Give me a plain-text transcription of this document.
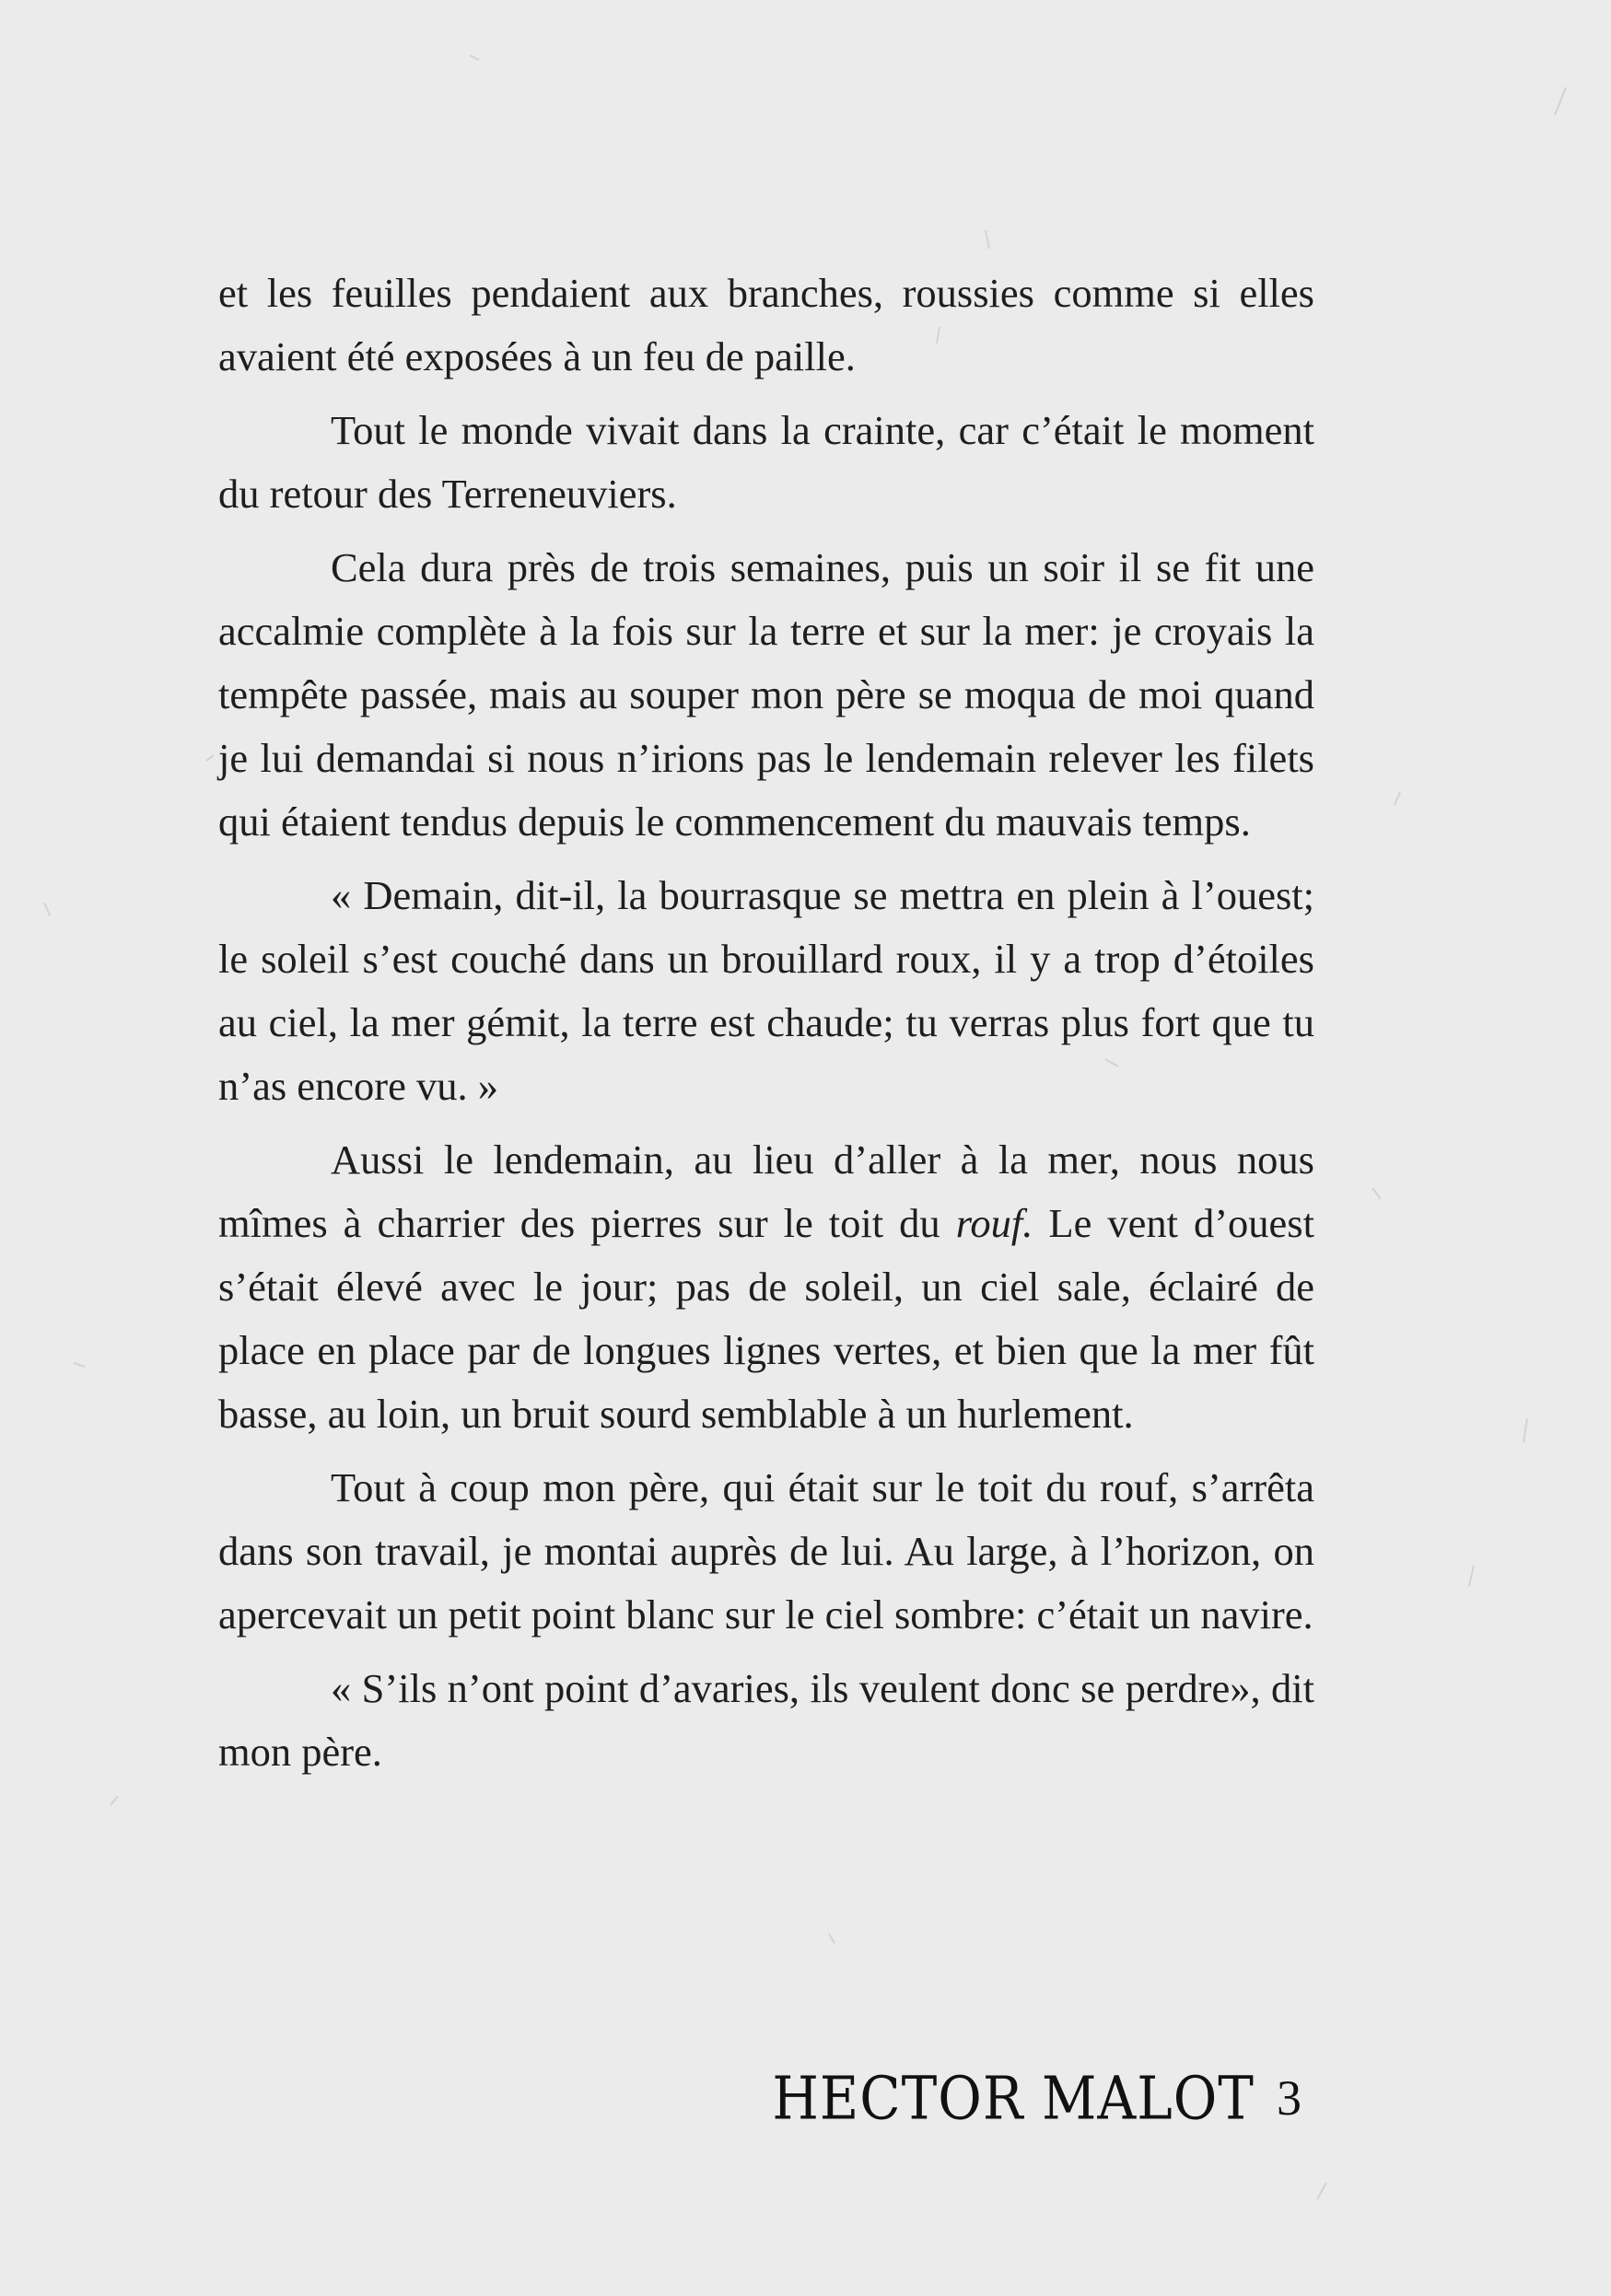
et les feuilles pendaient aux branches, roussies comme si elles avaient été exposées à un feu de paille.

Tout le monde vivait dans la crainte, car c’était le moment du retour des Terreneuviers.

Cela dura près de trois semaines, puis un soir il se fit une accalmie complète à la fois sur la terre et sur la mer: je croyais la tempête passée, mais au souper mon père se moqua de moi quand je lui demandai si nous n’irions pas le lendemain relever les filets qui étaient tendus depuis le commencement du mauvais temps.

« Demain, dit-il, la bourrasque se mettra en plein à l’ouest; le soleil s’est couché dans un brouillard roux, il y a trop d’étoiles au ciel, la mer gémit, la terre est chaude; tu verras plus fort que tu n’as encore vu. »

Aussi le lendemain, au lieu d’aller à la mer, nous nous mîmes à charrier des pierres sur le toit du rouf. Le vent d’ouest s’était élevé avec le jour; pas de soleil, un ciel sale, éclairé de place en place par de longues lignes vertes, et bien que la mer fût basse, au loin, un bruit sourd semblable à un hurlement.

Tout à coup mon père, qui était sur le toit du rouf, s’arrêta dans son travail, je montai auprès de lui. Au large, à l’horizon, on apercevait un petit point blanc sur le ciel sombre: c’était un navire.

« S’ils n’ont point d’avaries, ils veulent donc se perdre», dit mon père.

HECTOR MALOT 3
